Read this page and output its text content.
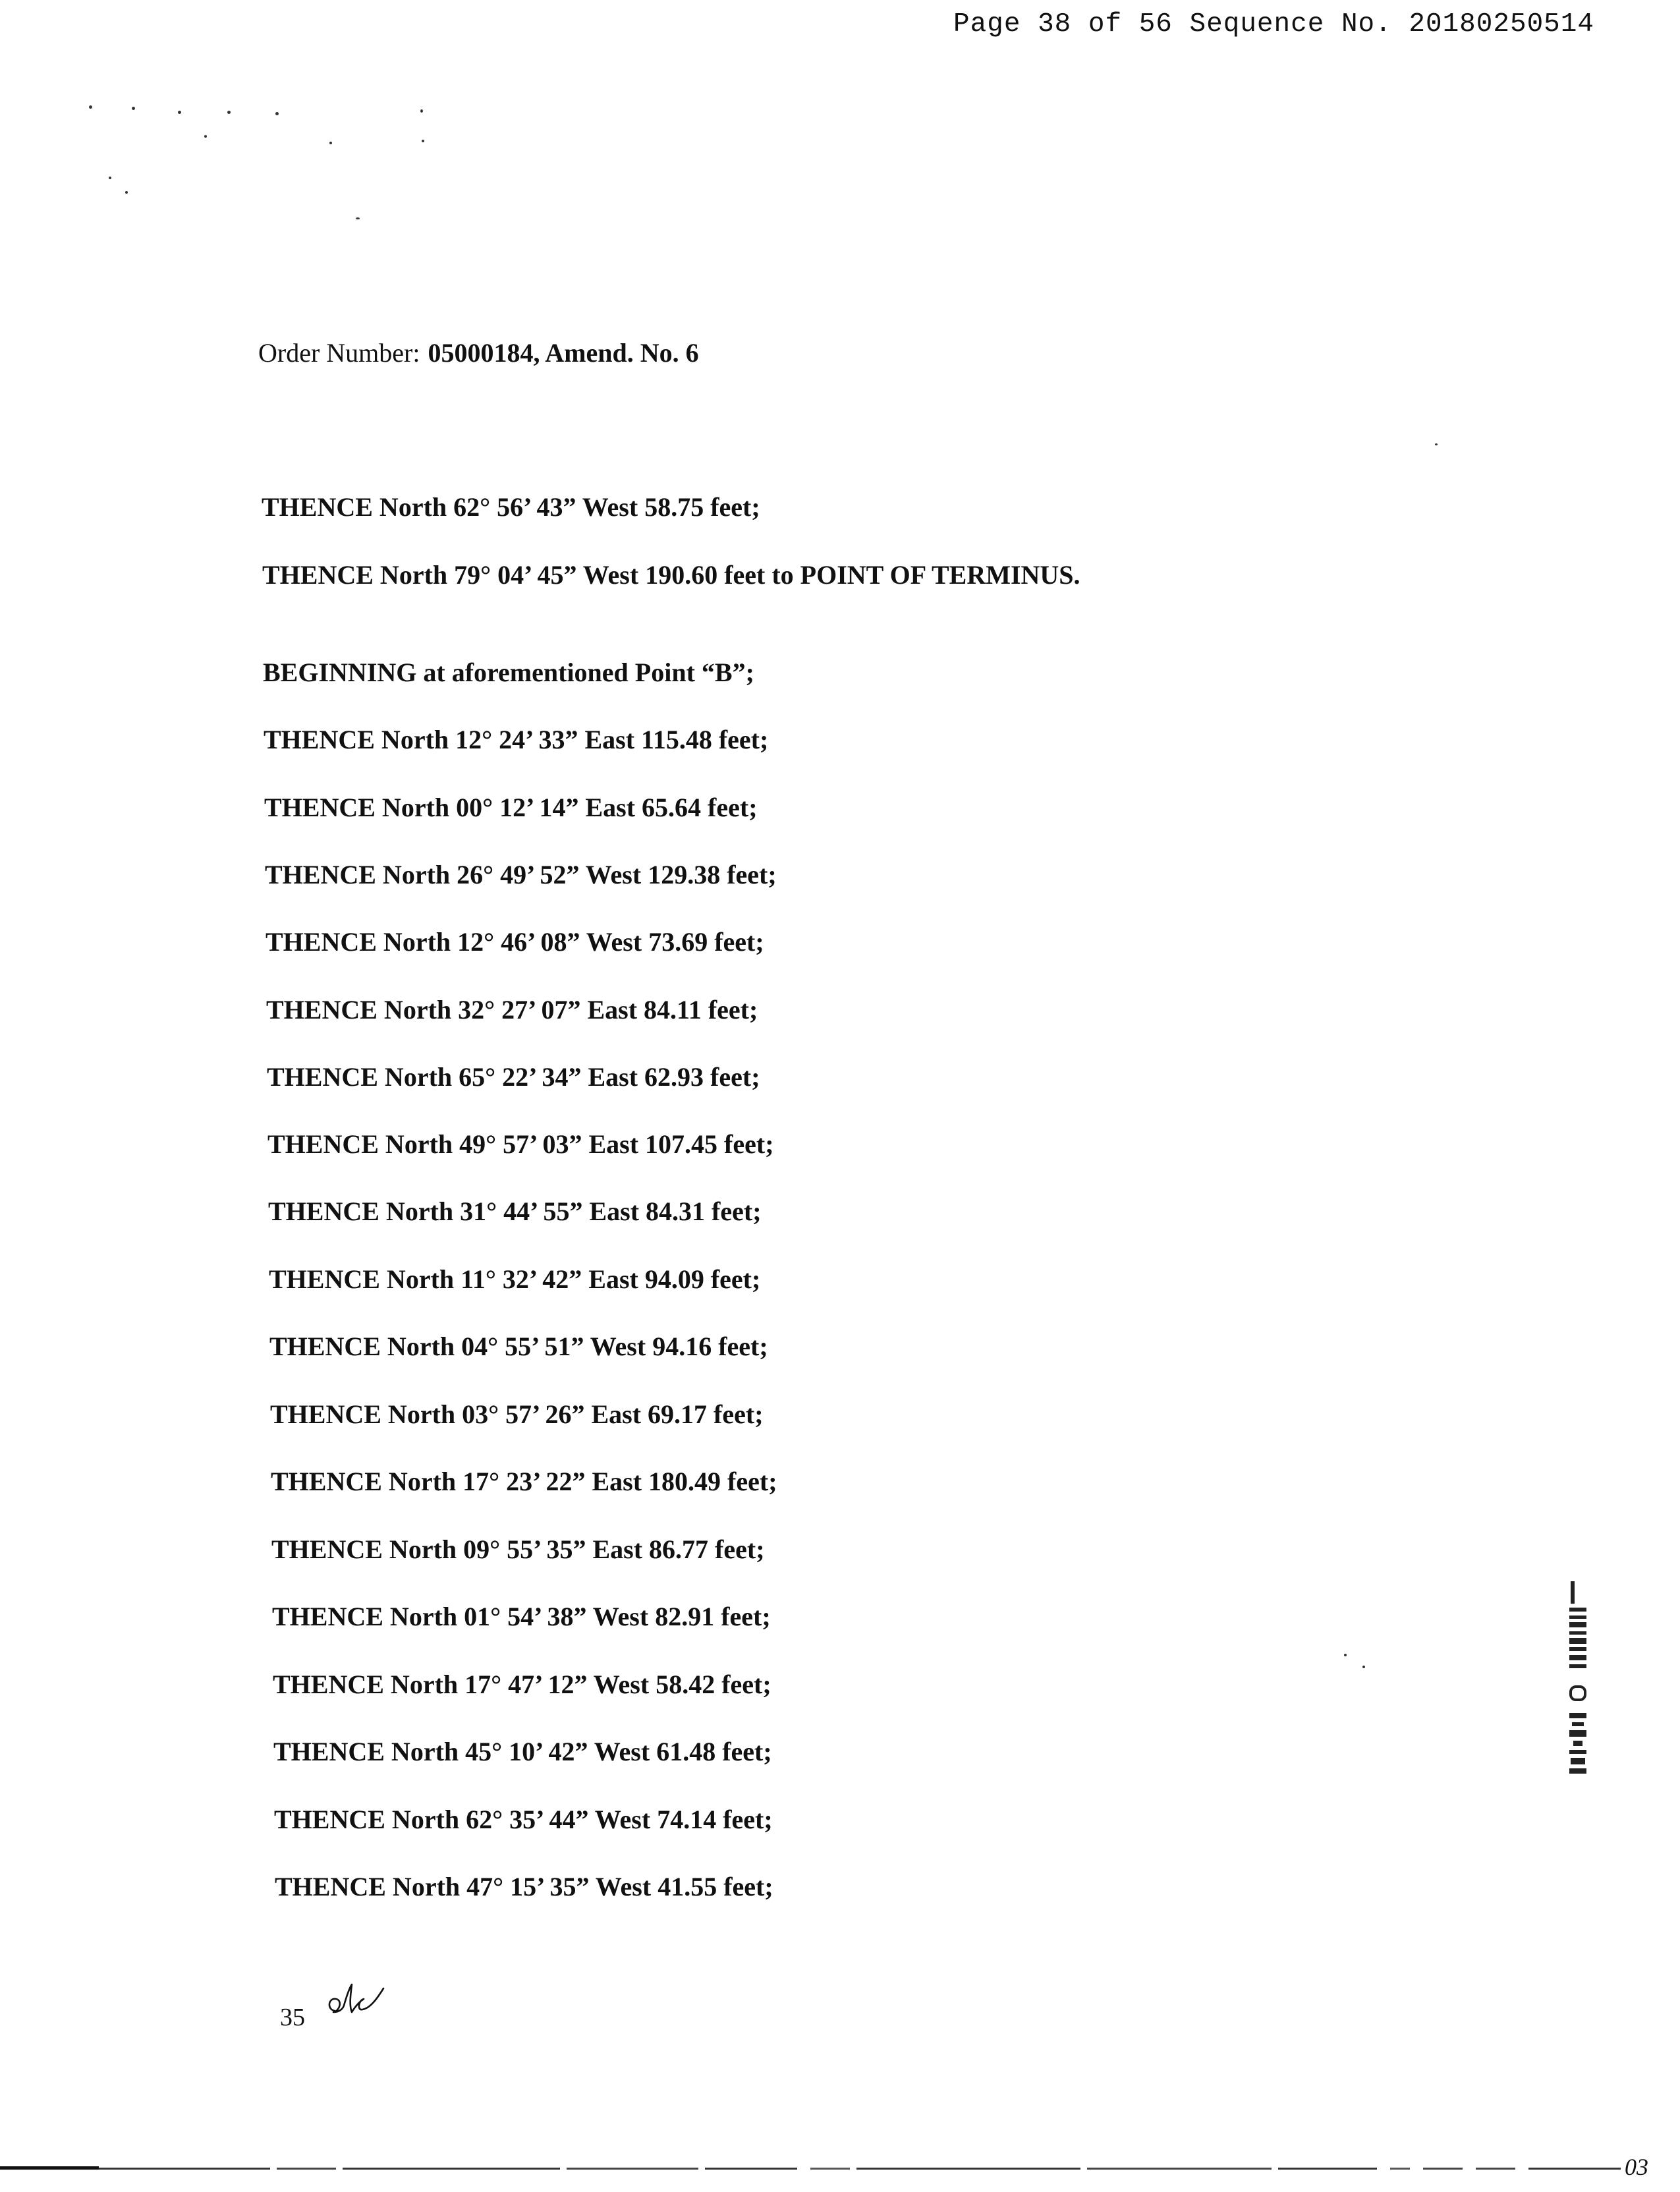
Page 38 of 56 Sequence No. 20180250514
Order Number: 05000184, Amend. No. 6
THENCE North 62° 56’ 43” West 58.75 feet;
THENCE North 79° 04’ 45” West 190.60 feet to POINT OF TERMINUS.
BEGINNING at aforementioned Point “B”;
THENCE North 12° 24’ 33” East 115.48 feet;
THENCE North 00° 12’ 14” East 65.64 feet;
THENCE North 26° 49’ 52” West 129.38 feet;
THENCE North 12° 46’ 08” West 73.69 feet;
THENCE North 32° 27’ 07” East 84.11 feet;
THENCE North 65° 22’ 34” East 62.93 feet;
THENCE North 49° 57’ 03” East 107.45 feet;
THENCE North 31° 44’ 55” East 84.31 feet;
THENCE North 11° 32’ 42” East 94.09 feet;
THENCE North 04° 55’ 51” West 94.16 feet;
THENCE North 03° 57’ 26” East 69.17 feet;
THENCE North 17° 23’ 22” East 180.49 feet;
THENCE North 09° 55’ 35” East 86.77 feet;
THENCE North 01° 54’ 38” West 82.91 feet;
THENCE North 17° 47’ 12” West 58.42 feet;
THENCE North 45° 10’ 42” West 61.48 feet;
THENCE North 62° 35’ 44” West 74.14 feet;
THENCE North 47° 15’ 35” West 41.55 feet;
35
03
